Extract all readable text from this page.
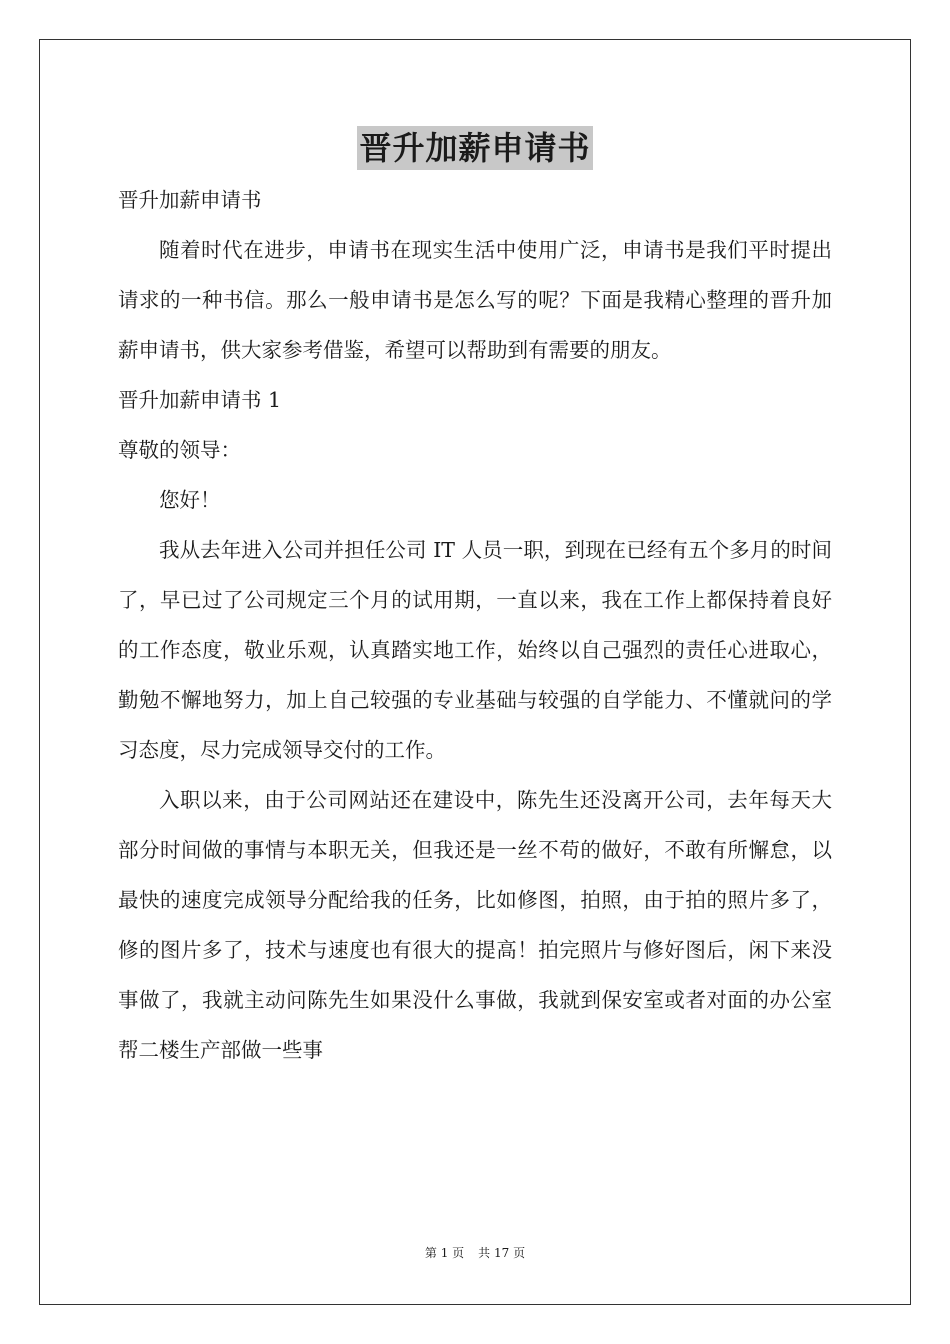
晋升加薪申请书

晋升加薪申请书

随着时代在进步，申请书在现实生活中使用广泛，申请书是我们平时提出请求的一种书信。那么一般申请书是怎么写的呢？下面是我精心整理的晋升加薪申请书，供大家参考借鉴，希望可以帮助到有需要的朋友。

晋升加薪申请书 1

尊敬的领导：

您好！

我从去年进入公司并担任公司 IT 人员一职，到现在已经有五个多月的时间了，早已过了公司规定三个月的试用期，一直以来，我在工作上都保持着良好的工作态度，敬业乐观，认真踏实地工作，始终以自己强烈的责任心进取心，勤勉不懈地努力，加上自己较强的专业基础与较强的自学能力、不懂就问的学习态度，尽力完成领导交付的工作。

入职以来，由于公司网站还在建设中，陈先生还没离开公司，去年每天大部分时间做的事情与本职无关，但我还是一丝不苟的做好，不敢有所懈怠，以最快的速度完成领导分配给我的任务，比如修图，拍照，由于拍的照片多了，修的图片多了，技术与速度也有很大的提高！拍完照片与修好图后，闲下来没事做了，我就主动问陈先生如果没什么事做，我就到保安室或者对面的办公室帮二楼生产部做一些事

第 1 页 共 17 页
